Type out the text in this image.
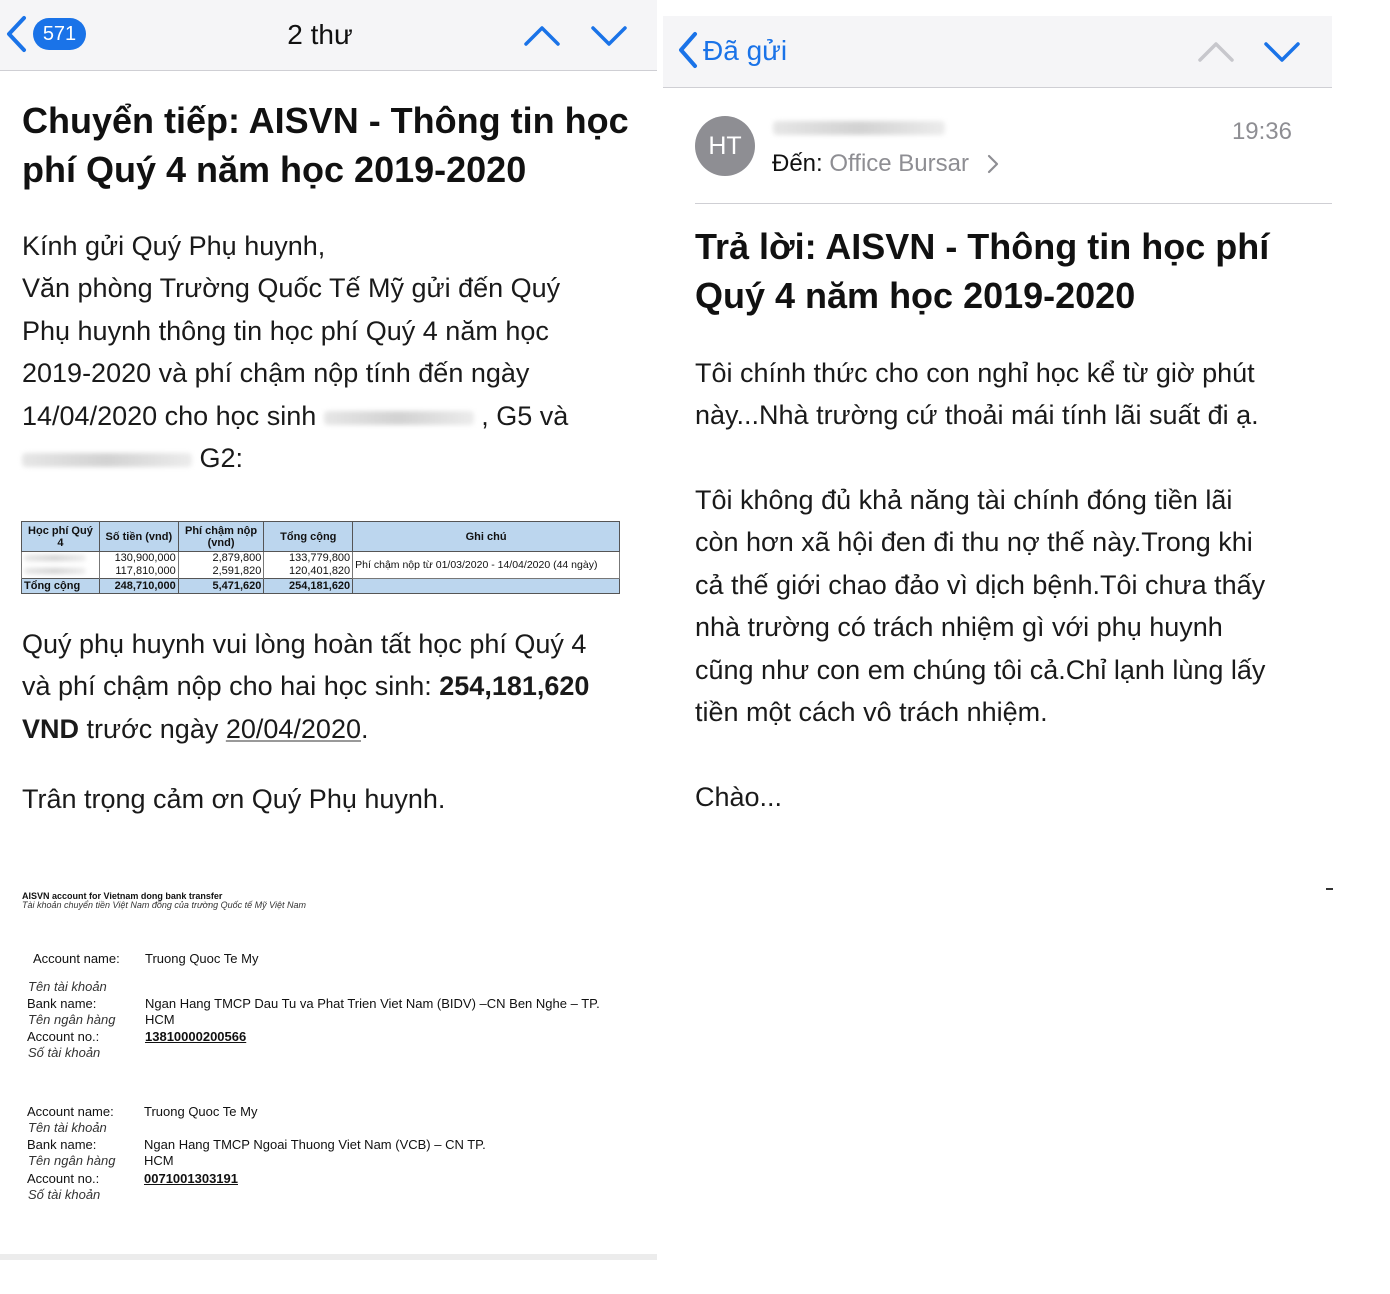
571	2 thư
Chuyển tiếp: AISVN - Thông tin học phí Quý 4 năm học 2019-2020
Kính gửi Quý Phụ huynh,
Văn phòng Trường Quốc Tế Mỹ gửi đến Quý
Phụ huynh thông tin học phí Quý 4 năm học
2019-2020 và phí chậm nộp tính đến ngày
14/04/2020 cho học sinh	, G5 và
G2:
Học phí Quý 4	Số tiền (vnd)	Phí chậm nộp (vnd)	Tổng cộng	Ghi chú
	130,900,000	2,879,800	133,779,800	Phí chậm nộp từ 01/03/2020 - 14/04/2020 (44 ngày)
	117,810,000	2,591,820	120,401,820	
Tổng cộng	248,710,000	5,471,620	254,181,620	
Quý phụ huynh vui lòng hoàn tất học phí Quý 4
và phí chậm nộp cho hai học sinh: 254,181,620
VND trước ngày 20/04/2020.
Trân trọng cảm ơn Quý Phụ huynh.
AISVN account for Vietnam dong bank transfer
Tài khoản chuyển tiền Việt Nam đồng của trường Quốc tế Mỹ Việt Nam
Account name: Truong Quoc Te My
Tên tài khoản
Bank name:	Ngan Hang TMCP Dau Tu va Phat Trien Viet Nam (BIDV) –CN Ben Nghe – TP.
Tên ngân hàng HCM
Account no.:	13810000200566
Số tài khoản
Account name: Truong Quoc Te My
Tên tài khoản
Bank name:	Ngan Hang TMCP Ngoai Thuong Viet Nam (VCB) – CN TP.
Tên ngân hàng HCM
Account no.:	0071001303191
Số tài khoản
Đã gửi
HT
19:36
Đến: Office Bursar
Trả lời: AISVN - Thông tin học phí Quý 4 năm học 2019-2020
Tôi chính thức cho con nghỉ học kể từ giờ phút
này...Nhà trường cứ thoải mái tính lãi suất đi ạ.
Tôi không đủ khả năng tài chính đóng tiền lãi
còn hơn xã hội đen đi thu nợ thế này.Trong khi
cả thế giới chao đảo vì dịch bệnh.Tôi chưa thấy
nhà trường có trách nhiệm gì với phụ huynh
cũng như con em chúng tôi cả.Chỉ lạnh lùng lấy
tiền một cách vô trách nhiệm.
Chào...
